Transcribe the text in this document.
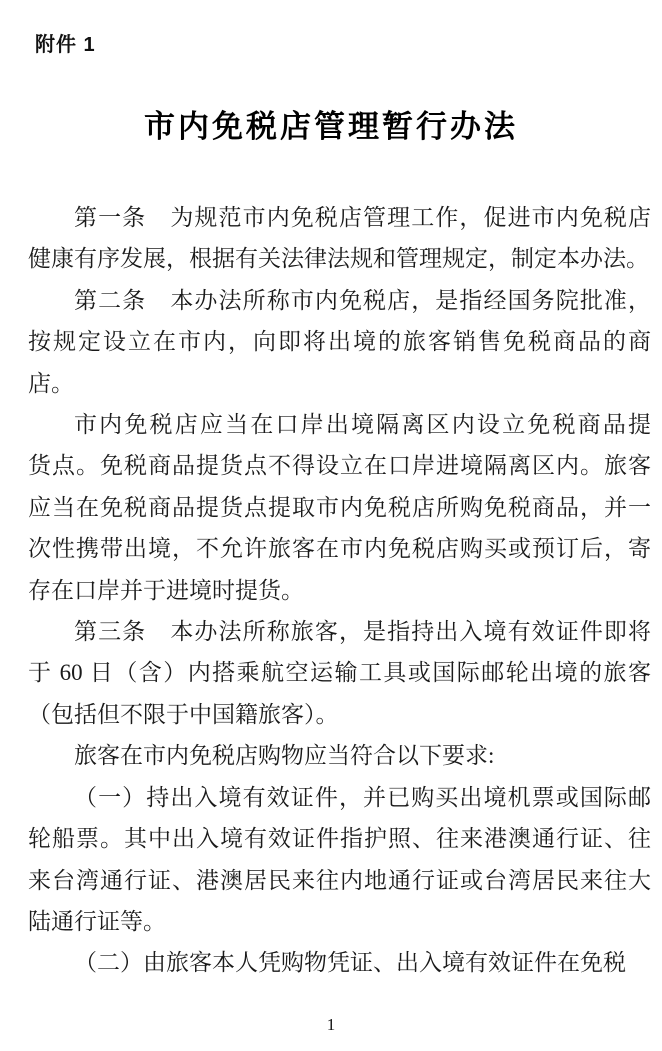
附件 1
市内免税店管理暂行办法
第一条　为规范市内免税店管理工作，促进市内免税店
健康有序发展，根据有关法律法规和管理规定，制定本办法。
第二条　本办法所称市内免税店，是指经国务院批准，
按规定设立在市内，向即将出境的旅客销售免税商品的商
店。
市内免税店应当在口岸出境隔离区内设立免税商品提
货点。免税商品提货点不得设立在口岸进境隔离区内。旅客
应当在免税商品提货点提取市内免税店所购免税商品，并一
次性携带出境，不允许旅客在市内免税店购买或预订后，寄
存在口岸并于进境时提货。
第三条　本办法所称旅客，是指持出入境有效证件即将
于 60 日（含）内搭乘航空运输工具或国际邮轮出境的旅客
（包括但不限于中国籍旅客）。
旅客在市内免税店购物应当符合以下要求:
（一）持出入境有效证件，并已购买出境机票或国际邮
轮船票。其中出入境有效证件指护照、往来港澳通行证、往
来台湾通行证、港澳居民来往内地通行证或台湾居民来往大
陆通行证等。
（二）由旅客本人凭购物凭证、出入境有效证件在免税
1
